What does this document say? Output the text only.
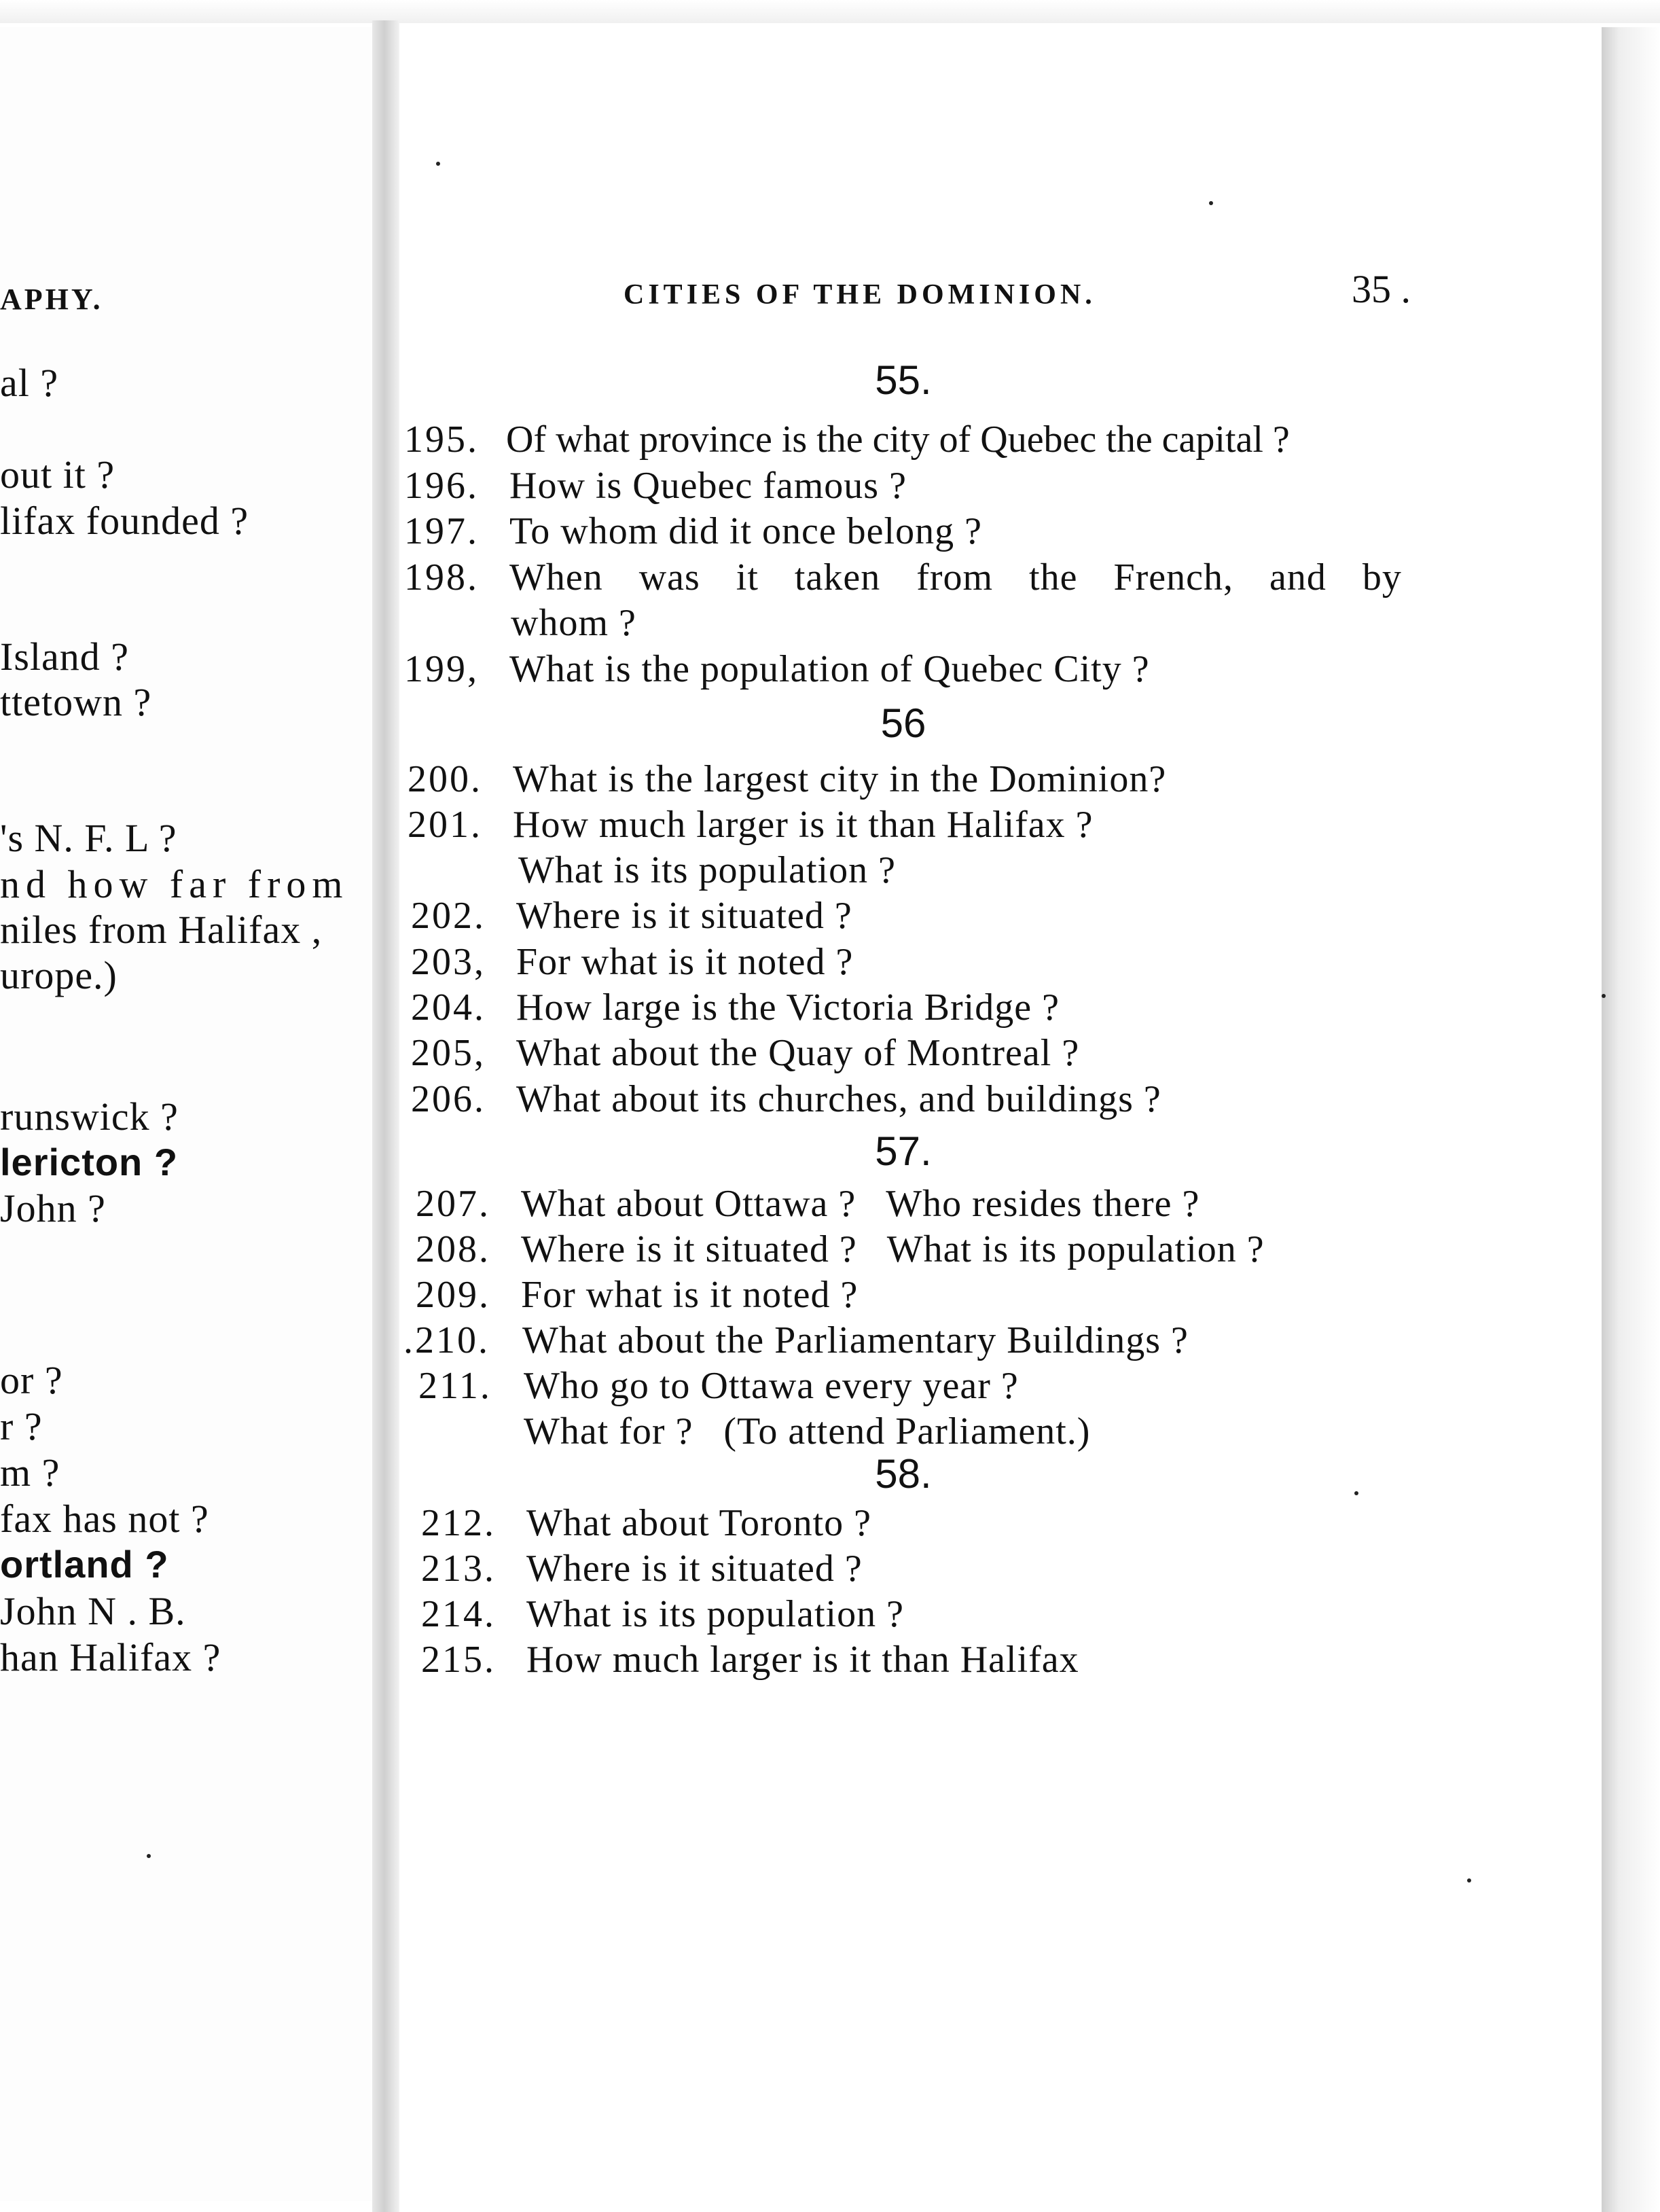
APHY.
al ?
out it ?
lifax founded ?
Island ?
ttetown ?
's N. F. L ?
nd how far from
niles from Halifax ,
urope.)
runswick ?
lericton ?
John ?
or ?
r ?
m ?
fax has not ?
ortland ?
John N . B.
han Halifax ?
CITIES OF THE DOMINION.	35 .
55.
195. Of what province is the city of Quebec the capital ?
196. How is Quebec famous ?
197. To whom did it once belong ?
198. When was it taken from the French, and by
whom ?
199, What is the population of Quebec City ?
56
200. What is the largest city in the Dominion?
201. How much larger is it than Halifax ?
What is its population ?
202. Where is it situated ?
203, For what is it noted ?
204. How large is the Victoria Bridge ?
205, What about the Quay of Montreal ?
206. What about its churches, and buildings ?
57.
207. What about Ottawa ?   Who resides there ?
208. Where is it situated ?   What is its population ?
209. For what is it noted ?
.210. What about the Parliamentary Buildings ?
211. Who go to Ottawa every year ?
What for ?   (To attend Parliament.)
58.
212. What about Toronto ?
213. Where is it situated ?
214. What is its population ?
215. How much larger is it than Halifax
